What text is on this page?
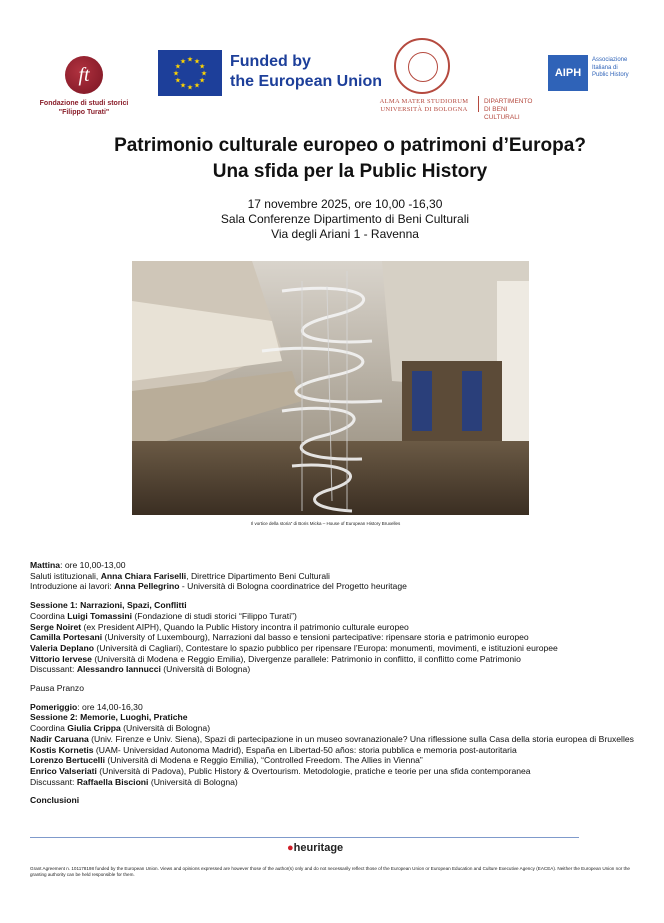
ft
Fondazione di studi storici "Filippo Turati"
★ ★
★
★
★
★
★
★
★
★
★
★	Funded by
the European Union
ALMA MATER STUDIORUM
UNIVERSITÀ DI BOLOGNA
DIPARTIMENTO
DI BENI CULTURALI
AIPH
Associazione
Italiana di
Public History
Patrimonio culturale europeo o patrimoni d’Europa?
Una sfida per la Public History
17 novembre 2025, ore 10,00 -16,30
Sala Conferenze Dipartimento di Beni Culturali
Via degli Ariani 1 - Ravenna
Il vortice della storia” di Boris Micka – House of European History Bruxelles

Mattina: ore 10,00-13,00

Saluti istituzionali, Anna Chiara Fariselli, Direttrice Dipartimento Beni Culturali

Introduzione ai lavori: Anna Pellegrino - Università di Bologna coordinatrice del Progetto heuritage

Sessione 1: Narrazioni, Spazi, Conflitti

Coordina Luigi Tomassini (Fondazione di studi storici “Filippo Turati”)

Serge Noiret (ex President AIPH), Quando la Public History incontra il patrimonio culturale europeo

Camilla Portesani (University of Luxembourg), Narrazioni dal basso e tensioni partecipative: ripensare storia e patrimonio europeo

Valeria Deplano (Università di Cagliari), Contestare lo spazio pubblico per ripensare l’Europa: monumenti, movimenti, e istituzioni europee

Vittorio Iervese (Università di Modena e Reggio Emilia), Divergenze parallele: Patrimonio in conflitto, il conflitto come Patrimonio

Discussant: Alessandro Iannucci (Università di Bologna)

Pausa Pranzo

Pomeriggio: ore 14,00-16,30

Sessione 2: Memorie, Luoghi, Pratiche

Coordina Giulia Crippa (Università di Bologna)

Nadir Caruana (Univ. Firenze e Univ. Siena), Spazi di partecipazione in un museo sovranazionale? Una riflessione sulla Casa della storia europea di Bruxelles

Kostis Kornetis (UAM- Universidad Autonoma Madrid), España en Libertad-50 años: storia pubblica e memoria post-autoritaria

Lorenzo Bertucelli (Università di Modena e Reggio Emilia), “Controlled Freedom. The Allies in Vienna”

Enrico Valseriati (Università di Padova), Public History & Overtourism. Metodologie, pratiche e teorie per una sfida contemporanea

Discussant: Raffaella Biscioni (Università di Bologna)

Conclusioni

●heuritage
Grant Agreement n. 101178198 funded by the European Union. Views and opinions expressed are however those of the author(s) only and do not necessarily reflect those of the European Union or European Education and Culture Executive Agency (EACEA). Neither the European Union nor the granting authority can be held responsible for them.
